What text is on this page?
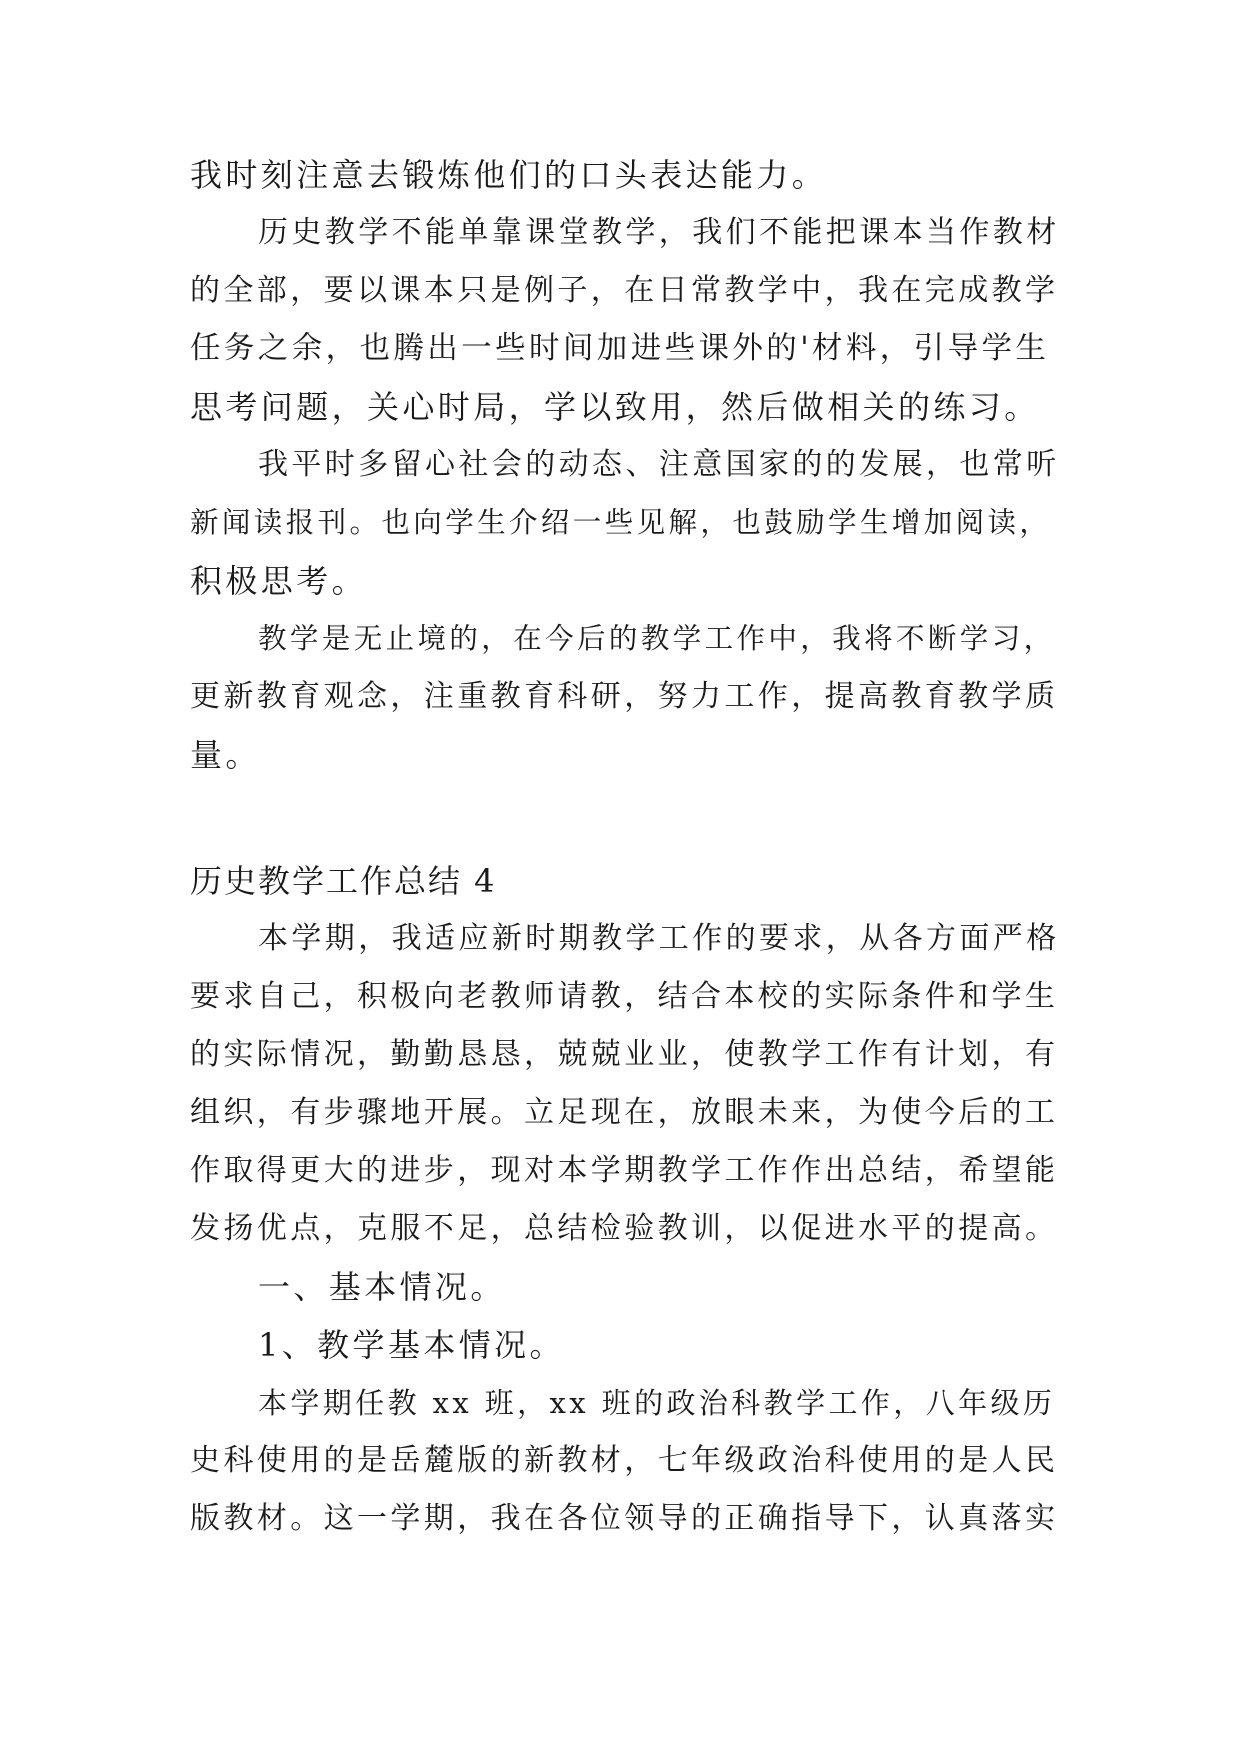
我时刻注意去锻炼他们的口头表达能力。

历史教学不能单靠课堂教学，我们不能把课本当作教材

的全部，要以课本只是例子，在日常教学中，我在完成教学

任务之余，也腾出一些时间加进些课外的'材料，引导学生

思考问题，关心时局，学以致用，然后做相关的练习。

我平时多留心社会的动态、注意国家的的发展，也常听

新闻读报刊。也向学生介绍一些见解，也鼓励学生增加阅读，

积极思考。

教学是无止境的，在今后的教学工作中，我将不断学习，

更新教育观念，注重教育科研，努力工作，提高教育教学质

量。

历史教学工作总结 4

本学期，我适应新时期教学工作的要求，从各方面严格

要求自己，积极向老教师请教，结合本校的实际条件和学生

的实际情况，勤勤恳恳，兢兢业业，使教学工作有计划，有

组织，有步骤地开展。立足现在，放眼未来，为使今后的工

作取得更大的进步，现对本学期教学工作作出总结，希望能

发扬优点，克服不足，总结检验教训，以促进水平的提高。

一、基本情况。

1、教学基本情况。

本学期任教 xx 班，xx 班的政治科教学工作，八年级历

史科使用的是岳麓版的新教材，七年级政治科使用的是人民

版教材。这一学期，我在各位领导的正确指导下，认真落实
